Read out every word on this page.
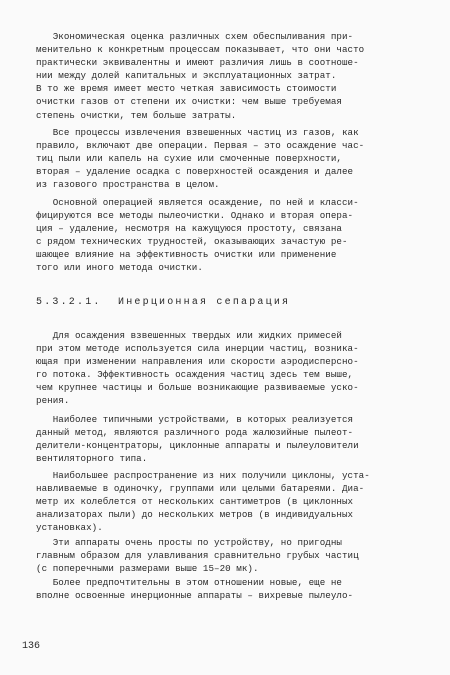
Экономическая оценка различных схем обеспыливания при-
менительно к конкретным процессам показывает, что они часто
практически эквивалентны и имеют различия лишь в соотноше-
нии между долей капитальных и эксплуатационных затрат.
В то же время имеет место четкая зависимость стоимости
очистки газов от степени их очистки: чем выше требуемая
степень очистки, тем больше затраты.
Все процессы извлечения взвешенных частиц из газов, как
правило, включают две операции. Первая – это осаждение час-
тиц пыли или капель на сухие или смоченные поверхности,
вторая – удаление осадка с поверхностей осаждения и далее
из газового пространства в целом.
Основной операцией является осаждение, по ней и класси-
фицируются все методы пылеочистки. Однако и вторая опера-
ция – удаление, несмотря на кажущуюся простоту, связана
с рядом технических трудностей, оказывающих зачастую ре-
шающее влияние на эффективность очистки или применение
того или иного метода очистки.
5.3.2.1.  Инерционная сепарация
Для осаждения взвешенных твердых или жидких примесей
при этом методе используется сила инерции частиц, возника-
ющая при изменении направления или скорости аэродисперсно-
го потока. Эффективность осаждения частиц здесь тем выше,
чем крупнее частицы и больше возникающие развиваемые уско-
рения.
Наиболее типичными устройствами, в которых реализуется
данный метод, являются различного рода жалюзийные пылеот-
делители-концентраторы, циклонные аппараты и пылеуловители
вентиляторного типа.
Наибольшее распространение из них получили циклоны, уста-
навливаемые в одиночку, группами или целыми батареями. Диа-
метр их колеблется от нескольких сантиметров (в циклонных
анализаторах пыли) до нескольких метров (в индивидуальных
установках).
Эти аппараты очень просты по устройству, но пригодны
главным образом для улавливания сравнительно грубых частиц
(с поперечными размерами выше 15–20 мк).
Более предпочтительны в этом отношении новые, еще не
вполне освоенные инерционные аппараты – вихревые пылеуло-
136
